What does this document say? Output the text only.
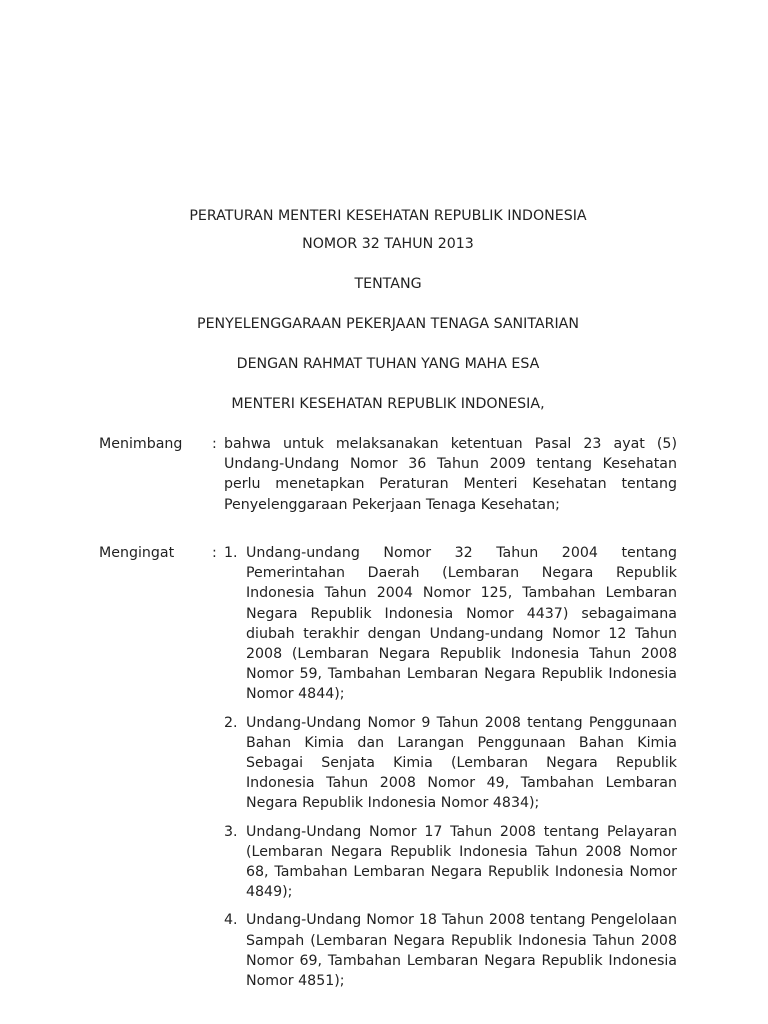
PERATURAN MENTERI KESEHATAN REPUBLIK INDONESIA
NOMOR 32 TAHUN 2013
TENTANG
PENYELENGGARAAN PEKERJAAN TENAGA SANITARIAN
DENGAN RAHMAT TUHAN YANG MAHA ESA
MENTERI KESEHATAN REPUBLIK INDONESIA,
Menimbang : bahwa untuk melaksanakan ketentuan Pasal 23 ayat (5) Undang-Undang Nomor 36 Tahun 2009 tentang Kesehatan perlu menetapkan Peraturan Menteri Kesehatan tentang Penyelenggaraan Pekerjaan Tenaga Kesehatan;

Mengingat	: 1. Undang-undang Nomor 32 Tahun 2004 tentang Pemerintahan Daerah (Lembaran Negara Republik Indonesia Tahun 2004 Nomor 125, Tambahan Lembaran Negara Republik Indonesia Nomor 4437) sebagaimana diubah terakhir dengan Undang-undang Nomor 12 Tahun 2008 (Lembaran Negara Republik Indonesia Tahun 2008 Nomor 59, Tambahan Lembaran Negara Republik Indonesia Nomor 4844);

2. Undang-Undang Nomor 9 Tahun 2008 tentang Penggunaan Bahan Kimia dan Larangan Penggunaan Bahan Kimia Sebagai Senjata Kimia (Lembaran Negara Republik Indonesia Tahun 2008 Nomor 49, Tambahan Lembaran Negara Republik Indonesia Nomor 4834);

3. Undang-Undang Nomor 17 Tahun 2008 tentang Pelayaran (Lembaran Negara Republik Indonesia Tahun 2008 Nomor 68, Tambahan Lembaran Negara Republik Indonesia Nomor 4849);

4. Undang-Undang Nomor 18 Tahun 2008 tentang Pengelolaan Sampah (Lembaran Negara Republik Indonesia Tahun 2008 Nomor 69, Tambahan Lembaran Negara Republik Indonesia Nomor 4851);
